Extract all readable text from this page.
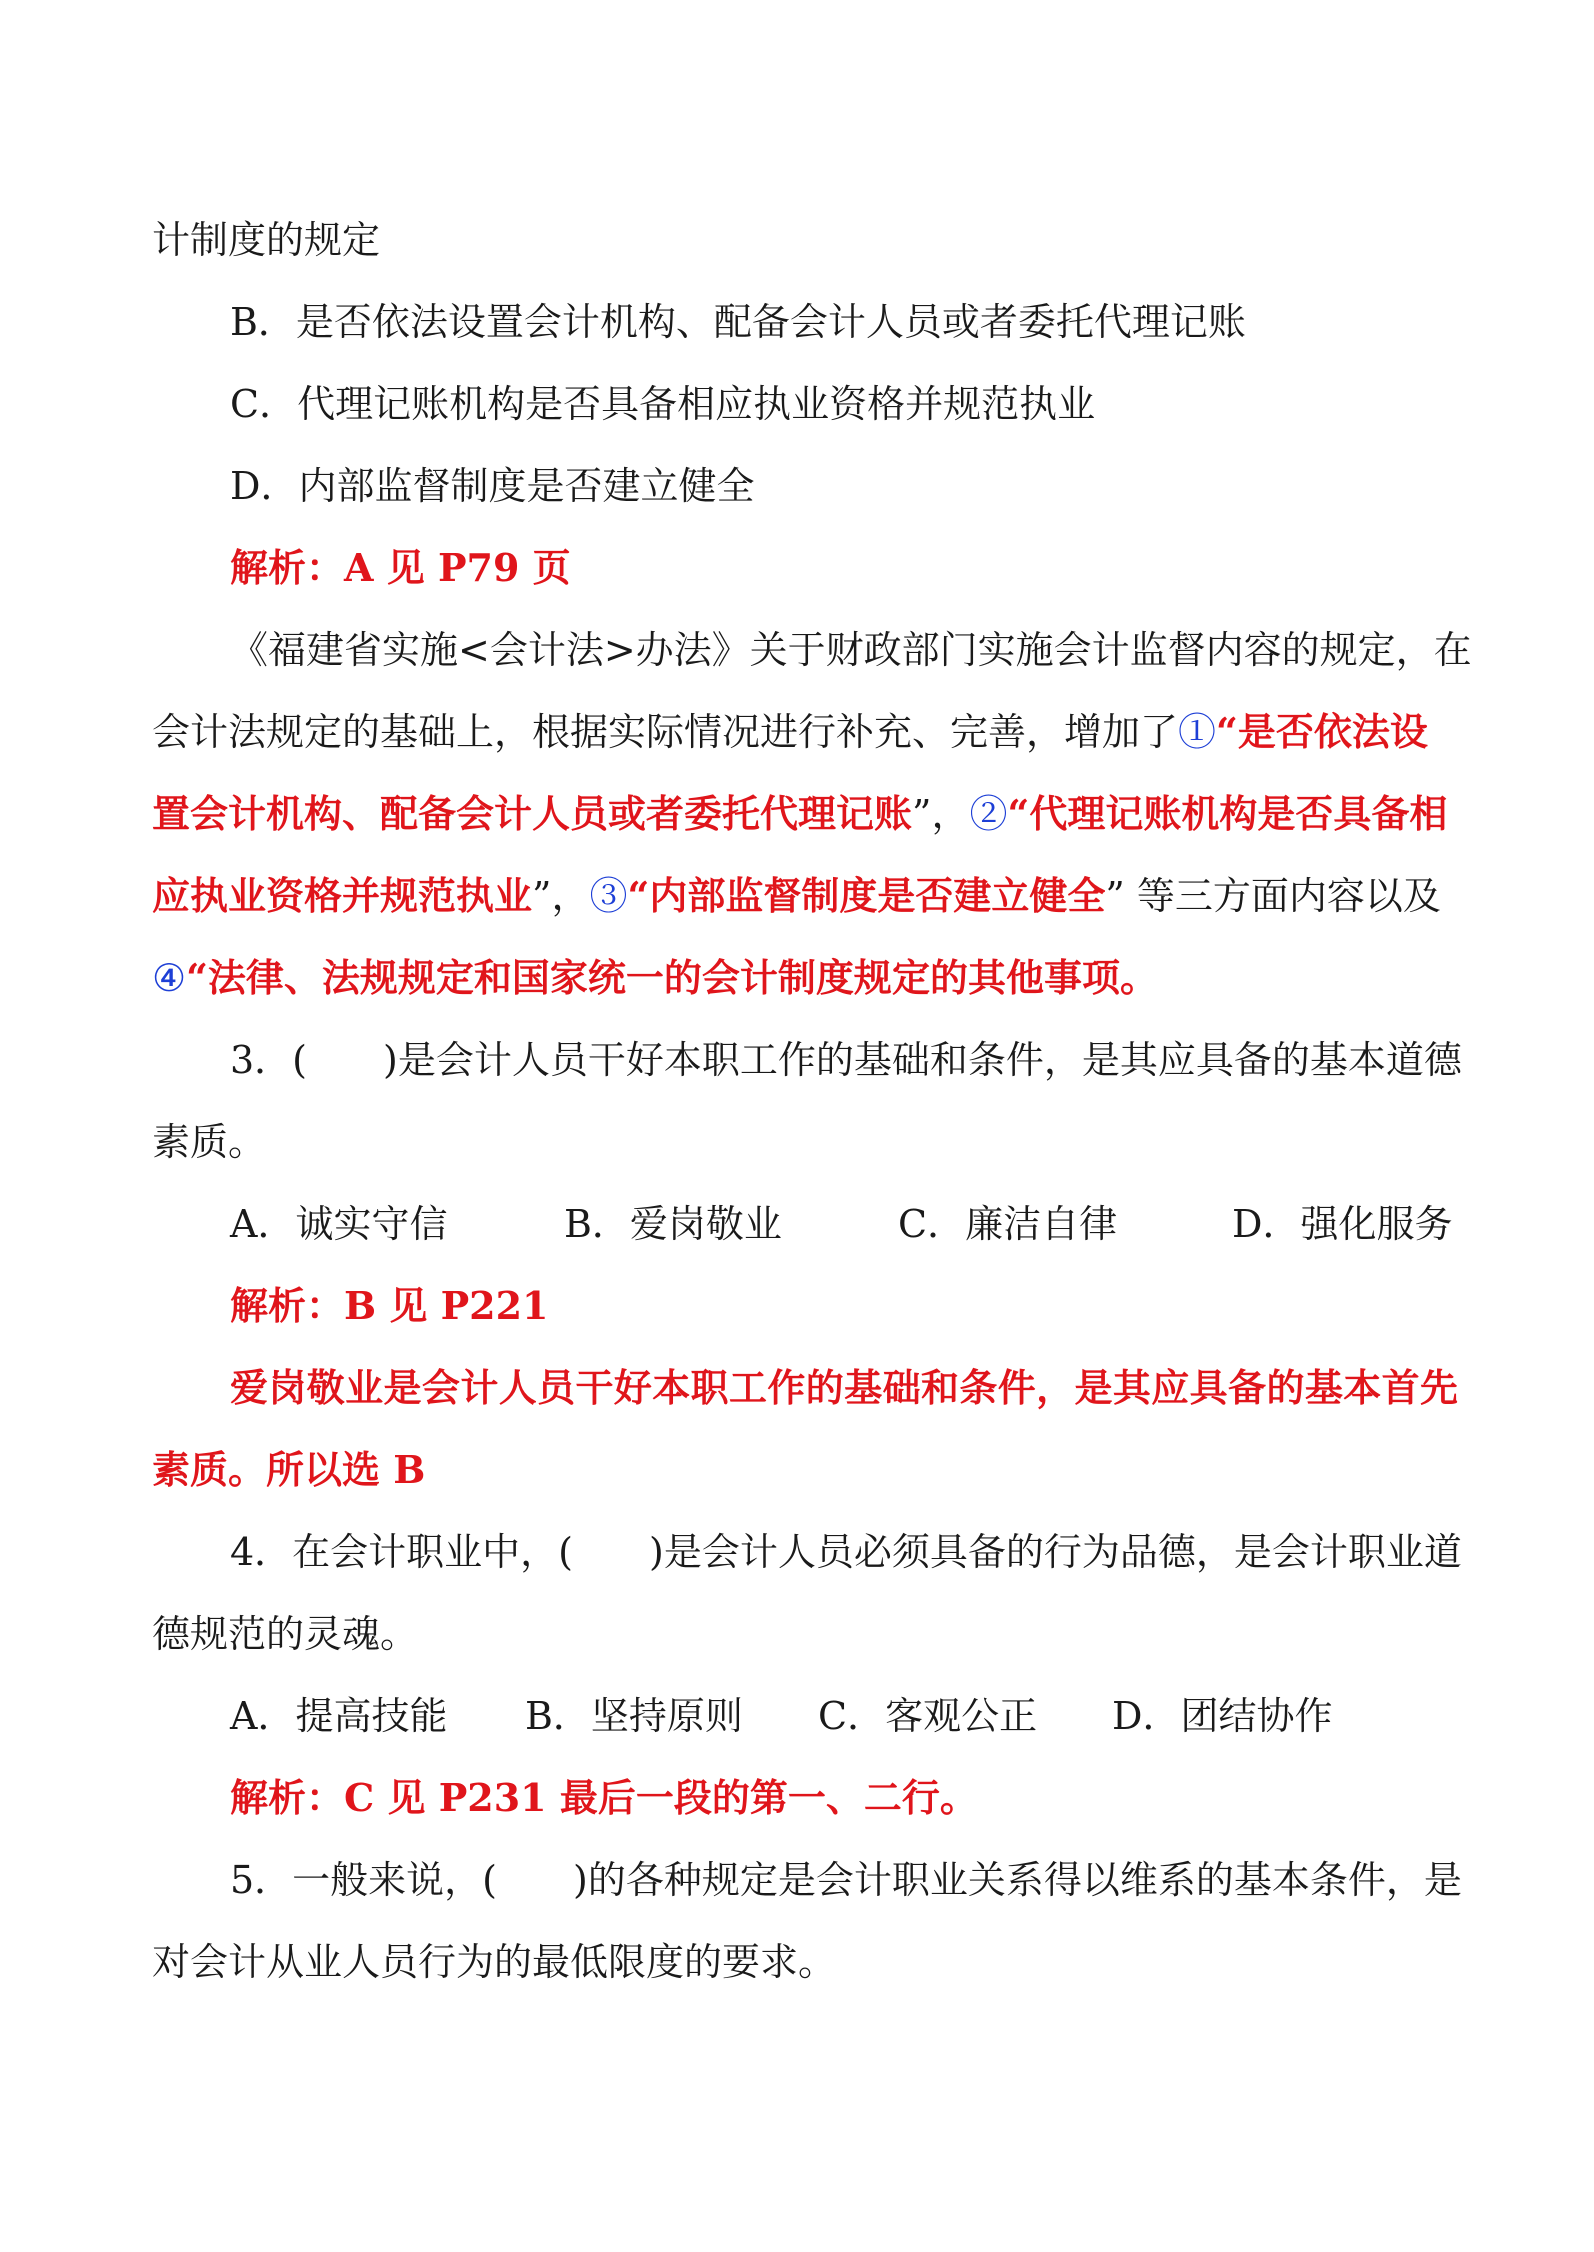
计制度的规定
B．是否依法设置会计机构、配备会计人员或者委托代理记账
C．代理记账机构是否具备相应执业资格并规范执业
D．内部监督制度是否建立健全
解析：A 见 P79 页
《福建省实施<会计法>办法》关于财政部门实施会计监督内容的规定，在
会计法规定的基础上，根据实际情况进行补充、完善，增加了①“是否依法设
置会计机构、配备会计人员或者委托代理记账”，②“代理记账机构是否具备相
应执业资格并规范执业”，③“内部监督制度是否建立健全” 等三方面内容以及
④“法律、法规规定和国家统一的会计制度规定的其他事项。
3．(　　)是会计人员干好本职工作的基础和条件，是其应具备的基本道德
素质。
A．诚实守信	B．爱岗敬业	C．廉洁自律	D．强化服务
解析：B 见 P221
爱岗敬业是会计人员干好本职工作的基础和条件，是其应具备的基本首先
素质。所以选 B
4．在会计职业中，(　　)是会计人员必须具备的行为品德，是会计职业道
德规范的灵魂。
A．提高技能 B．坚持原则 C．客观公正 D．团结协作
解析：C 见 P231 最后一段的第一、二行。
5．一般来说，(　　)的各种规定是会计职业关系得以维系的基本条件，是
对会计从业人员行为的最低限度的要求。
